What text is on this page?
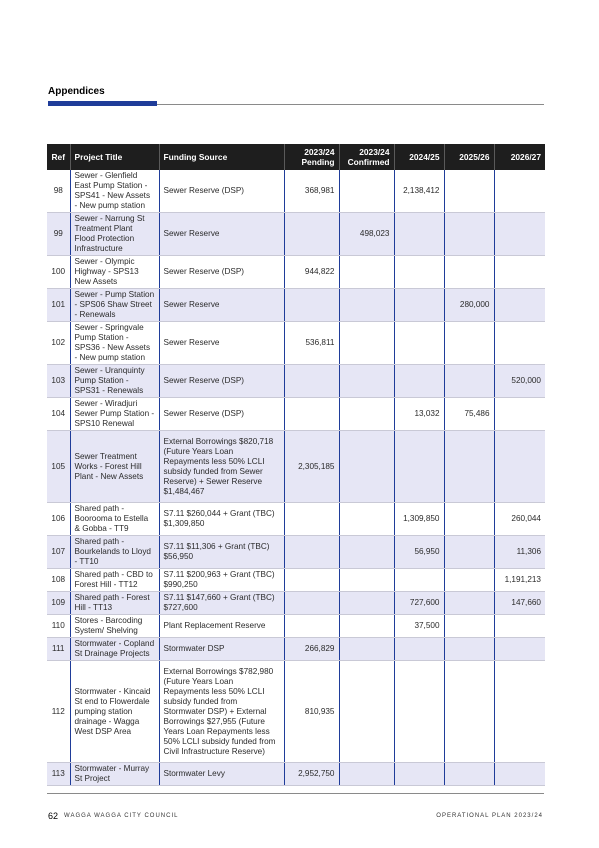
Appendices
Ref	Project Title	Funding Source	2023/24 Pending	2023/24 Confirmed	2024/25	2025/26	2026/27
98	Sewer - Glenfield East Pump Station - SPS41 - New Assets - New pump station	Sewer Reserve (DSP)	368,981		2,138,412		
99	Sewer - Narrung St Treatment Plant Flood Protection Infrastructure	Sewer Reserve		498,023			
100	Sewer - Olympic Highway - SPS13 New Assets	Sewer Reserve (DSP)	944,822				
101	Sewer - Pump Station - SPS06 Shaw Street - Renewals	Sewer Reserve				280,000	
102	Sewer - Springvale Pump Station - SPS36 - New Assets - New pump station	Sewer Reserve	536,811				
103	Sewer - Uranquinty Pump Station - SPS31 - Renewals	Sewer Reserve (DSP)					520,000
104	Sewer - Wiradjuri Sewer Pump Station - SPS10 Renewal	Sewer Reserve (DSP)			13,032	75,486	
105	Sewer Treatment Works - Forest Hill Plant - New Assets	External Borrowings $820,718 (Future Years Loan Repayments less 50% LCLI subsidy funded from Sewer Reserve) + Sewer Reserve $1,484,467	2,305,185				
106	Shared path - Boorooma to Estella & Gobba - TT9	S7.11 $260,044 + Grant (TBC) $1,309,850			1,309,850		260,044
107	Shared path - Bourkelands to Lloyd - TT10	S7.11 $11,306 + Grant (TBC) $56,950			56,950		11,306
108	Shared path - CBD to Forest Hill - TT12	S7.11 $200,963 + Grant (TBC) $990,250					1,191,213
109	Shared path - Forest Hill - TT13	S7.11 $147,660 + Grant (TBC) $727,600			727,600		147,660
110	Stores - Barcoding System/ Shelving	Plant Replacement Reserve			37,500		
111	Stormwater - Copland St Drainage Projects	Stormwater DSP	266,829				
112	Stormwater - Kincaid St end to Flowerdale pumping station drainage - Wagga West DSP Area	External Borrowings $782,980 (Future Years Loan Repayments less 50% LCLI subsidy funded from Stormwater DSP) + External Borrowings $27,955 (Future Years Loan Repayments less 50% LCLI subsidy funded from Civil Infrastructure Reserve)	810,935				
113	Stormwater - Murray St Project	Stormwater Levy	2,952,750				
62 WAGGA WAGGA CITY COUNCIL	OPERATIONAL PLAN 2023/24
